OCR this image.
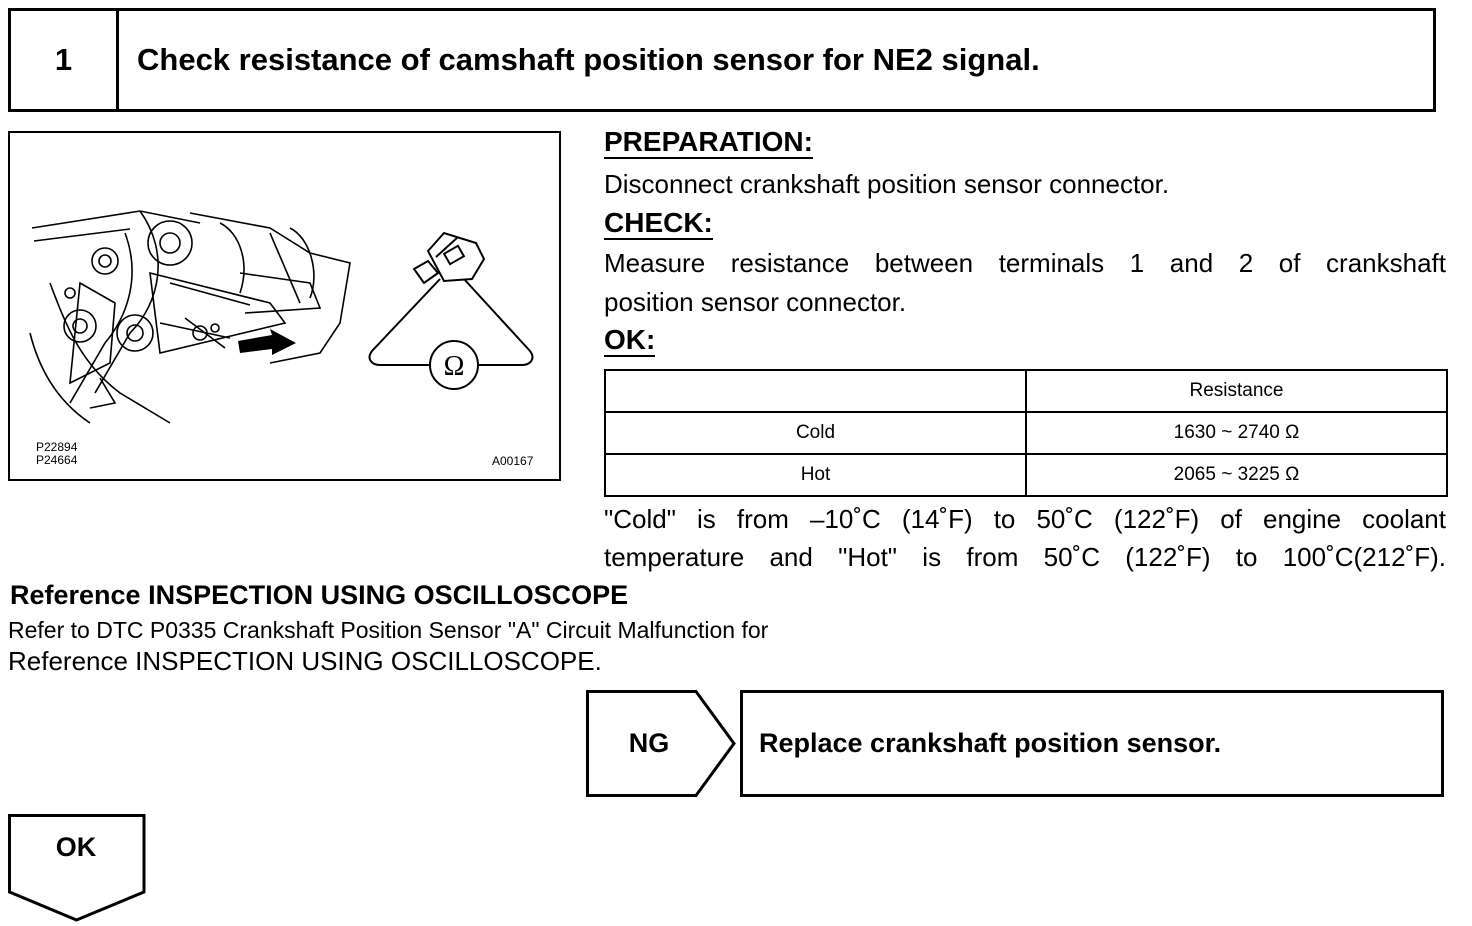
1	Check resistance of camshaft position sensor for NE2 signal.
Ω
P22894
P24664	A00167
PREPARATION:
Disconnect crankshaft position sensor connector.
CHECK:
Measure resistance between terminals 1 and 2 of crankshaft
position sensor connector.
OK:
	Resistance
Cold	1630 ~ 2740 Ω
Hot	2065 ~ 3225 Ω
"Cold" is from –10˚C (14˚F) to 50˚C (122˚F) of engine coolant
temperature and "Hot" is from 50˚C (122˚F) to 100˚C(212˚F).
Reference INSPECTION USING OSCILLOSCOPE
Refer to DTC P0335 Crankshaft Position Sensor "A" Circuit Malfunction for
Reference INSPECTION USING OSCILLOSCOPE.
NG	Replace crankshaft position sensor.
OK
